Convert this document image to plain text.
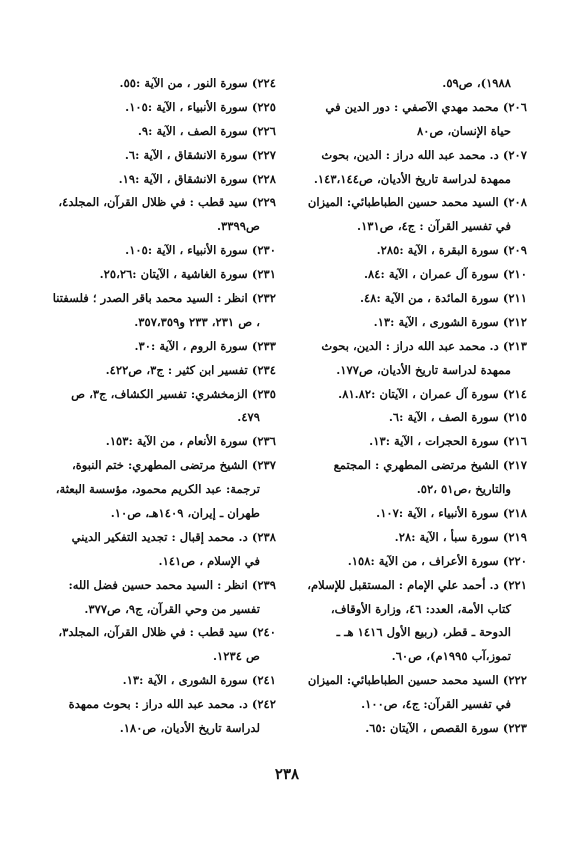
١٩٨٨)، ص٥٩.
٢٠٦) محمد مهدي الآصفي : دور الدين في
حياة الإنسان، ص٨٠
٢٠٧) د. محمد عبد الله دراز : الدين، بحوث
ممهدة لدراسة تاريخ الأديان، ص١٤٣،١٤٤.
٢٠٨) السيد محمد حسين الطباطبائي: الميزان
في تفسير القرآن : ج٤، ص١٣١.
٢٠٩) سورة البقرة ، الآية :٢٨٥.
٢١٠) سورة آل عمران ، الآية :٨٤.
٢١١) سورة المائدة ، من الآية :٤٨.
٢١٢) سورة الشورى ، الآية :١٣.
٢١٣) د. محمد عبد الله دراز : الدين، بحوث
ممهدة لدراسة تاريخ الأديان، ص١٧٧.
٢١٤) سورة آل عمران ، الآيتان :٨١.٨٢.
٢١٥) سورة الصف ، الآية :٦.
٢١٦) سورة الحجرات ، الآية :١٣.
٢١٧) الشيخ مرتضى المطهري : المجتمع
والتاريخ ،ص٥١ ،٥٢.
٢١٨) سورة الأنبياء ، الآية :١٠٧.
٢١٩) سورة سبأ ، الآية :٢٨.
٢٢٠) سورة الأعراف ، من الآية :١٥٨.
٢٢١) د. أحمد علي الإمام : المستقبل للإسلام،
كتاب الأمة، العدد: ٤٦، وزارة الأوقاف،
الدوحة ـ قطر، (ربيع الأول ١٤١٦ هـ ـ
تموز،آب ١٩٩٥م)، ص٦٠.
٢٢٢) السيد محمد حسين الطباطبائي: الميزان
في تفسير القرآن: ج٤، ص١٠٠.
٢٢٣) سورة القصص ، الآيتان :٦٥.
٢٢٤) سورة النور ، من الآية :٥٥.
٢٢٥) سورة الأنبياء ، الآية :١٠٥.
٢٢٦) سورة الصف ، الآية :٩.
٢٢٧) سورة الانشقاق ، الآية :٦.
٢٢٨) سورة الانشقاق ، الآية :١٩.
٢٢٩) سيد قطب : في ظلال القرآن، المجلد٤،
ص٣٣٩٩.
٢٣٠) سورة الأنبياء ، الآية :١٠٥.
٢٣١) سورة الغاشية ، الآيتان :٢٥،٢٦.
٢٣٢) انظر : السيد محمد باقر الصدر ؛ فلسفتنا
، ص ٢٣١، ٢٣٣ و٣٥٧،٣٥٩.
٢٣٣) سورة الروم ، الآية :٣٠.
٢٣٤) تفسير ابن كثير : ج٣، ص٤٢٢.
٢٣٥) الزمخشري: تفسير الكشاف، ج٣، ص
٤٧٩.
٢٣٦) سورة الأنعام ، من الآية :١٥٣.
٢٣٧) الشيخ مرتضى المطهري: ختم النبوة،
ترجمة: عبد الكريم محمود، مؤسسة البعثة،
طهران ـ إيران، ١٤٠٩هـ، ص١٠.
٢٣٨) د. محمد إقبال : تجديد التفكير الديني
في الإسلام ، ص١٤١.
٢٣٩) انظر : السيد محمد حسين فضل الله:
تفسير من وحي القرآن، ج٩، ص٣٧٧.
٢٤٠) سيد قطب : في ظلال القرآن، المجلد٣،
ص ١٢٣٤.
٢٤١) سورة الشورى ، الآية :١٣.
٢٤٢) د. محمد عبد الله دراز : بحوث ممهدة
لدراسة تاريخ الأديان، ص١٨٠.
٢٣٨
